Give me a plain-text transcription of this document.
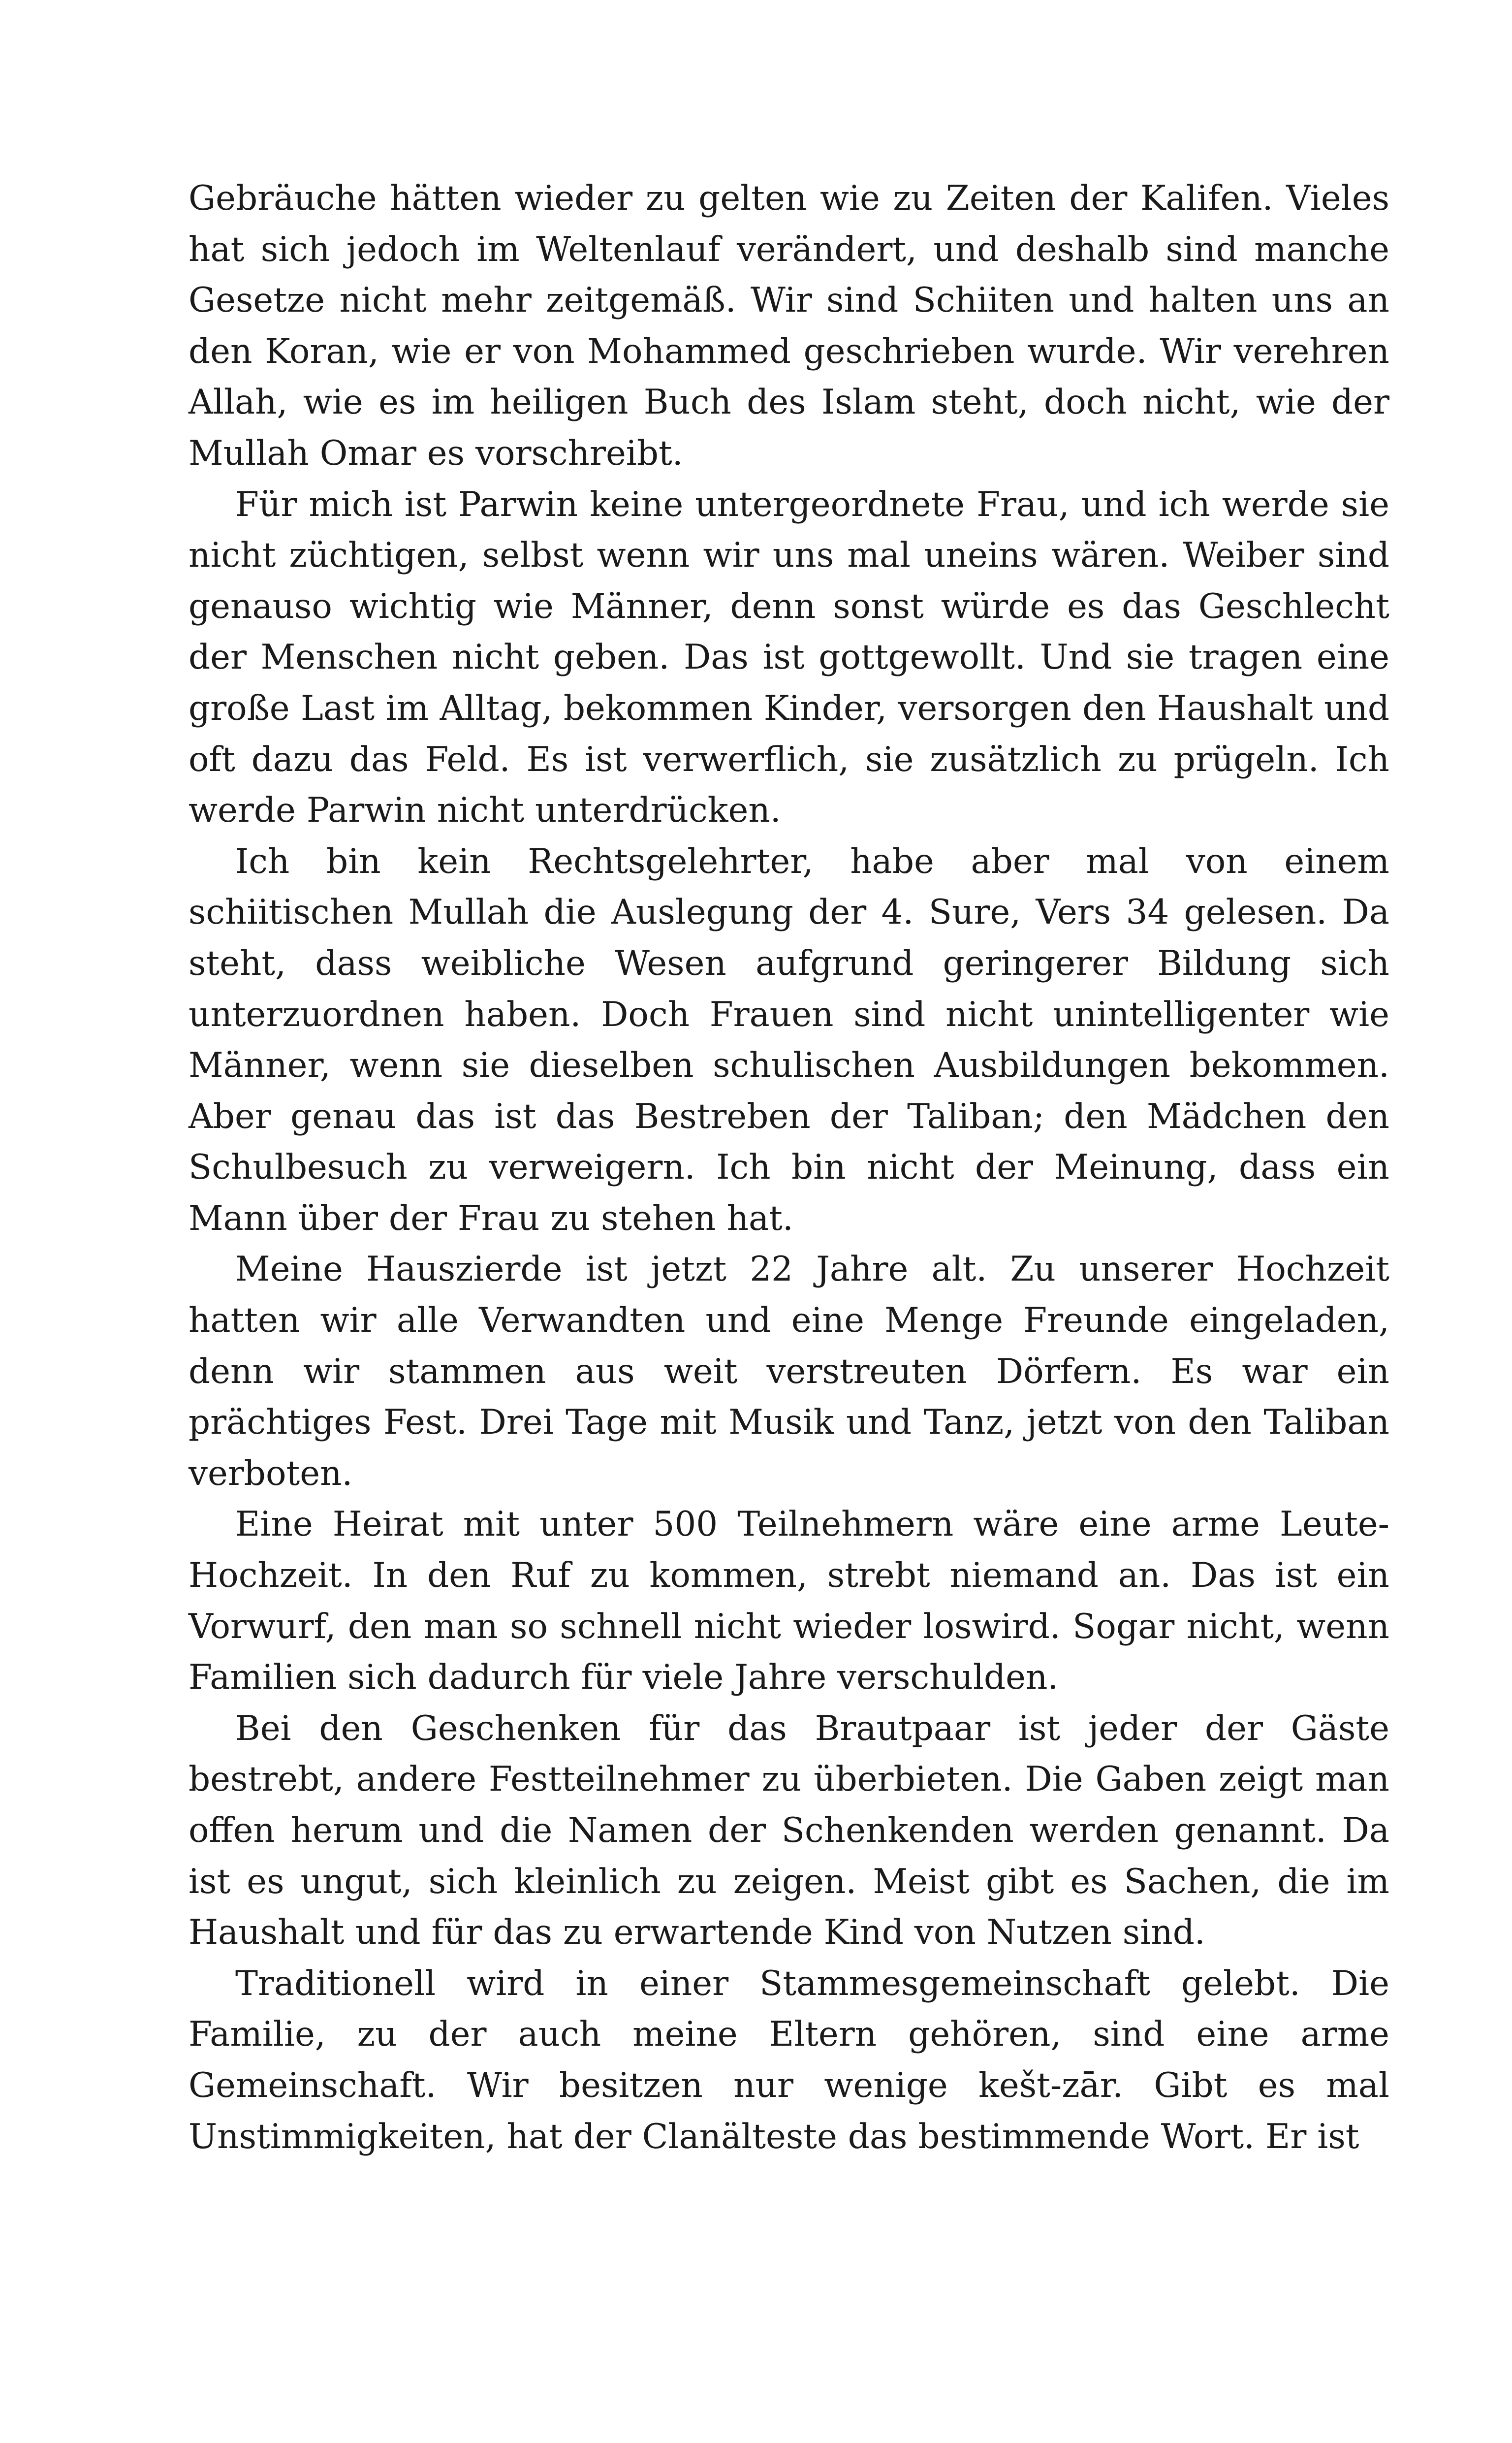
Gebräuche hätten wieder zu gelten wie zu Zeiten der Kalifen. Vieles hat sich jedoch im Weltenlauf verändert, und deshalb sind manche Gesetze nicht mehr zeitgemäß. Wir sind Schiiten und halten uns an den Koran, wie er von Mohammed geschrieben wurde. Wir verehren Allah, wie es im heiligen Buch des Islam steht, doch nicht, wie der Mullah Omar es vorschreibt.

Für mich ist Parwin keine untergeordnete Frau, und ich werde sie nicht züchtigen, selbst wenn wir uns mal uneins wären. Weiber sind genauso wichtig wie Männer, denn sonst würde es das Geschlecht der Menschen nicht geben. Das ist gottgewollt. Und sie tragen eine große Last im Alltag, bekommen Kinder, versorgen den Haushalt und oft dazu das Feld. Es ist verwerflich, sie zusätzlich zu prügeln. Ich werde Parwin nicht unterdrücken.

Ich bin kein Rechtsgelehrter, habe aber mal von einem schiitischen Mullah die Auslegung der 4. Sure, Vers 34 gelesen. Da steht, dass weibliche Wesen aufgrund geringerer Bildung sich unterzuordnen haben. Doch Frauen sind nicht unintelligenter wie Männer, wenn sie dieselben schulischen Ausbildungen bekommen. Aber genau das ist das Bestreben der Taliban; den Mädchen den Schulbesuch zu verweigern. Ich bin nicht der Meinung, dass ein Mann über der Frau zu stehen hat.

Meine Hauszierde ist jetzt 22 Jahre alt. Zu unserer Hochzeit hatten wir alle Verwandten und eine Menge Freunde eingeladen, denn wir stammen aus weit verstreuten Dörfern. Es war ein prächtiges Fest. Drei Tage mit Musik und Tanz, jetzt von den Taliban verboten.

Eine Heirat mit unter 500 Teilnehmern wäre eine arme Leute-Hochzeit. In den Ruf zu kommen, strebt niemand an. Das ist ein Vorwurf, den man so schnell nicht wieder loswird. Sogar nicht, wenn Familien sich dadurch für viele Jahre verschulden.

Bei den Geschenken für das Brautpaar ist jeder der Gäste bestrebt, andere Festteilnehmer zu überbieten. Die Gaben zeigt man offen herum und die Namen der Schenkenden werden genannt. Da ist es ungut, sich kleinlich zu zeigen. Meist gibt es Sachen, die im Haushalt und für das zu erwartende Kind von Nutzen sind.

Traditionell wird in einer Stammesgemeinschaft gelebt. Die Familie, zu der auch meine Eltern gehören, sind eine arme Gemeinschaft. Wir besitzen nur wenige kešt-zār. Gibt es mal Unstimmigkeiten, hat der Clanälteste das bestimmende Wort. Er ist
